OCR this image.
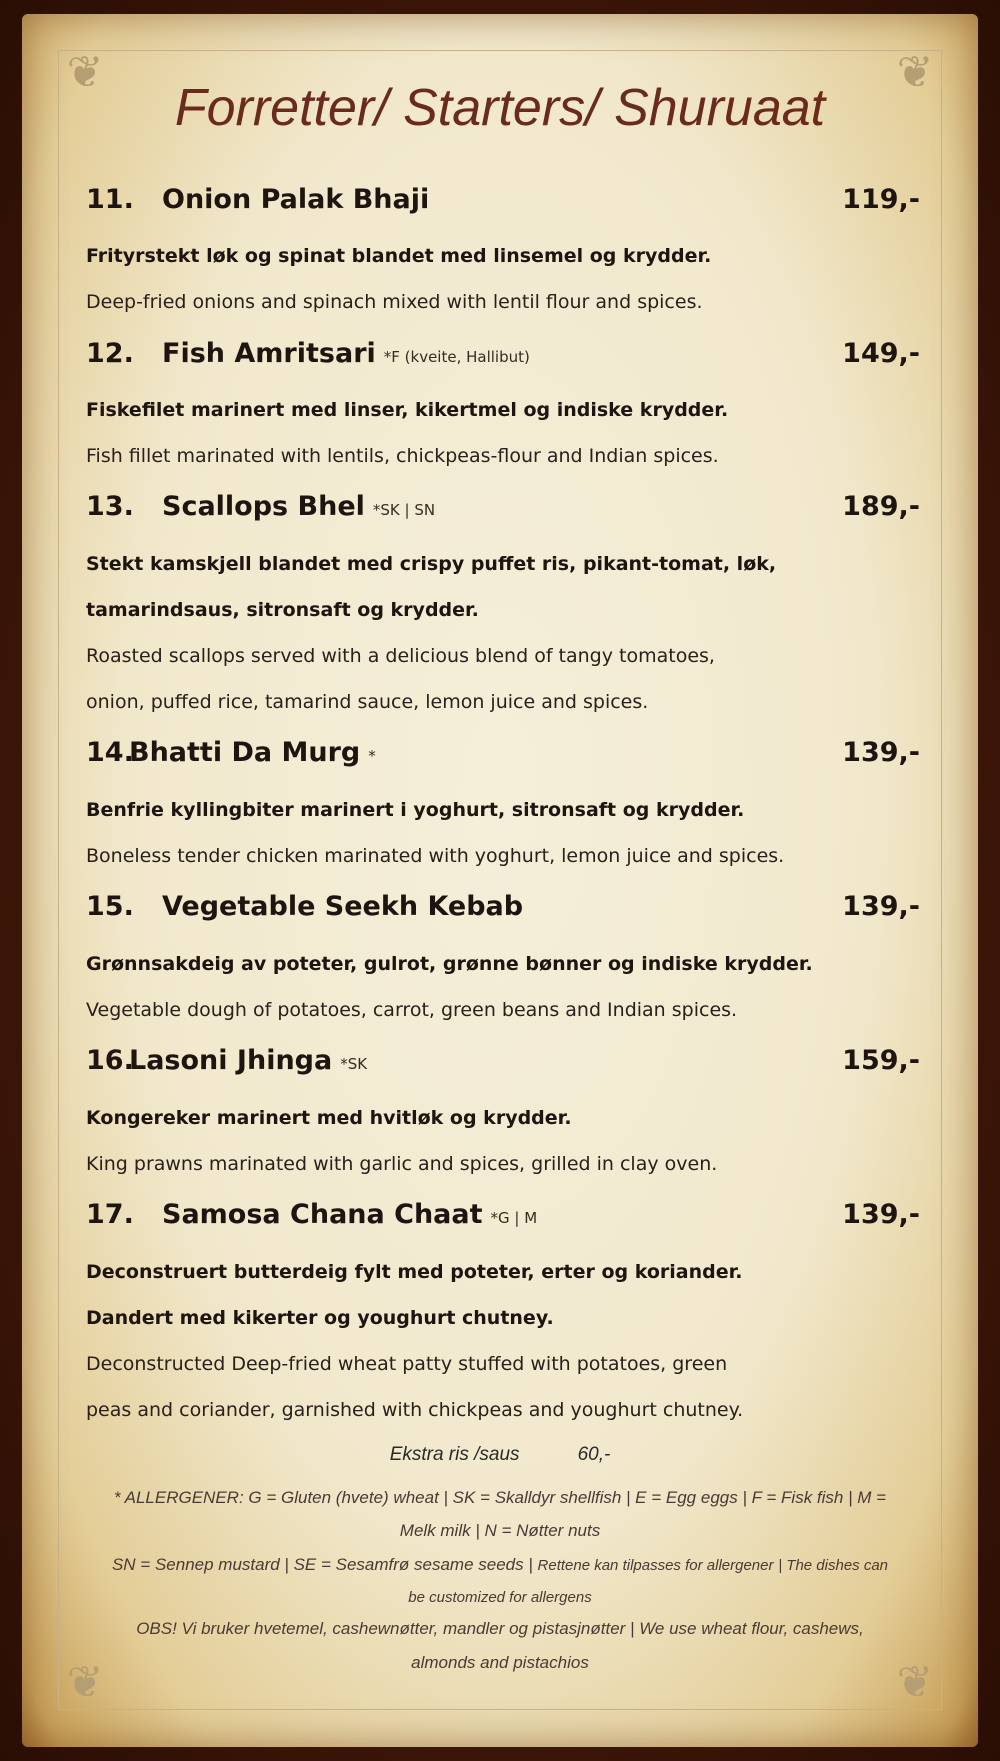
❦	❦
❦	❦
Forretter/ Starters/ Shuruaat
11. Onion Palak Bhaji	119,-
Frityrstekt løk og spinat blandet med linsemel og krydder.
Deep-fried onions and spinach mixed with lentil flour and spices.
12. Fish Amritsari *F (kveite, Hallibut)	149,-
Fiskefilet marinert med linser, kikertmel og indiske krydder.
Fish fillet marinated with lentils, chickpeas-flour and Indian spices.
13. Scallops Bhel *SK | SN	189,-
Stekt kamskjell blandet med crispy puffet ris, pikant-tomat, løk,
tamarindsaus, sitronsaft og krydder.
Roasted scallops served with a delicious blend of tangy tomatoes,
onion, puffed rice, tamarind sauce, lemon juice and spices.
14.
Bhatti Da Murg *	139,-
Benfrie kyllingbiter marinert i yoghurt, sitronsaft og krydder.
Boneless tender chicken marinated with yoghurt, lemon juice and spices.
15. Vegetable Seekh Kebab	139,-
Grønnsakdeig av poteter, gulrot, grønne bønner og indiske krydder.
Vegetable dough of potatoes, carrot, green beans and Indian spices.
16.
Lasoni Jhinga *SK	159,-
Kongereker marinert med hvitløk og krydder.
King prawns marinated with garlic and spices, grilled in clay oven.
17. Samosa Chana Chaat *G | M	139,-
Deconstruert butterdeig fylt med poteter, erter og koriander.
Dandert med kikerter og youghurt chutney.
Deconstructed Deep-fried wheat patty stuffed with potatoes, green
peas and coriander, garnished with chickpeas and youghurt chutney.
Ekstra ris /saus	60,-
* ALLERGENER: G = Gluten (hvete) wheat | SK = Skalldyr shellfish | E = Egg eggs | F = Fisk fish | M =
Melk milk | N = Nøtter nuts
SN = Sennep mustard | SE = Sesamfrø sesame seeds | Rettene kan tilpasses for allergener | The dishes can
be customized for allergens
OBS! Vi bruker hvetemel, cashewnøtter, mandler og pistasjnøtter | We use wheat flour, cashews,
almonds and pistachios
